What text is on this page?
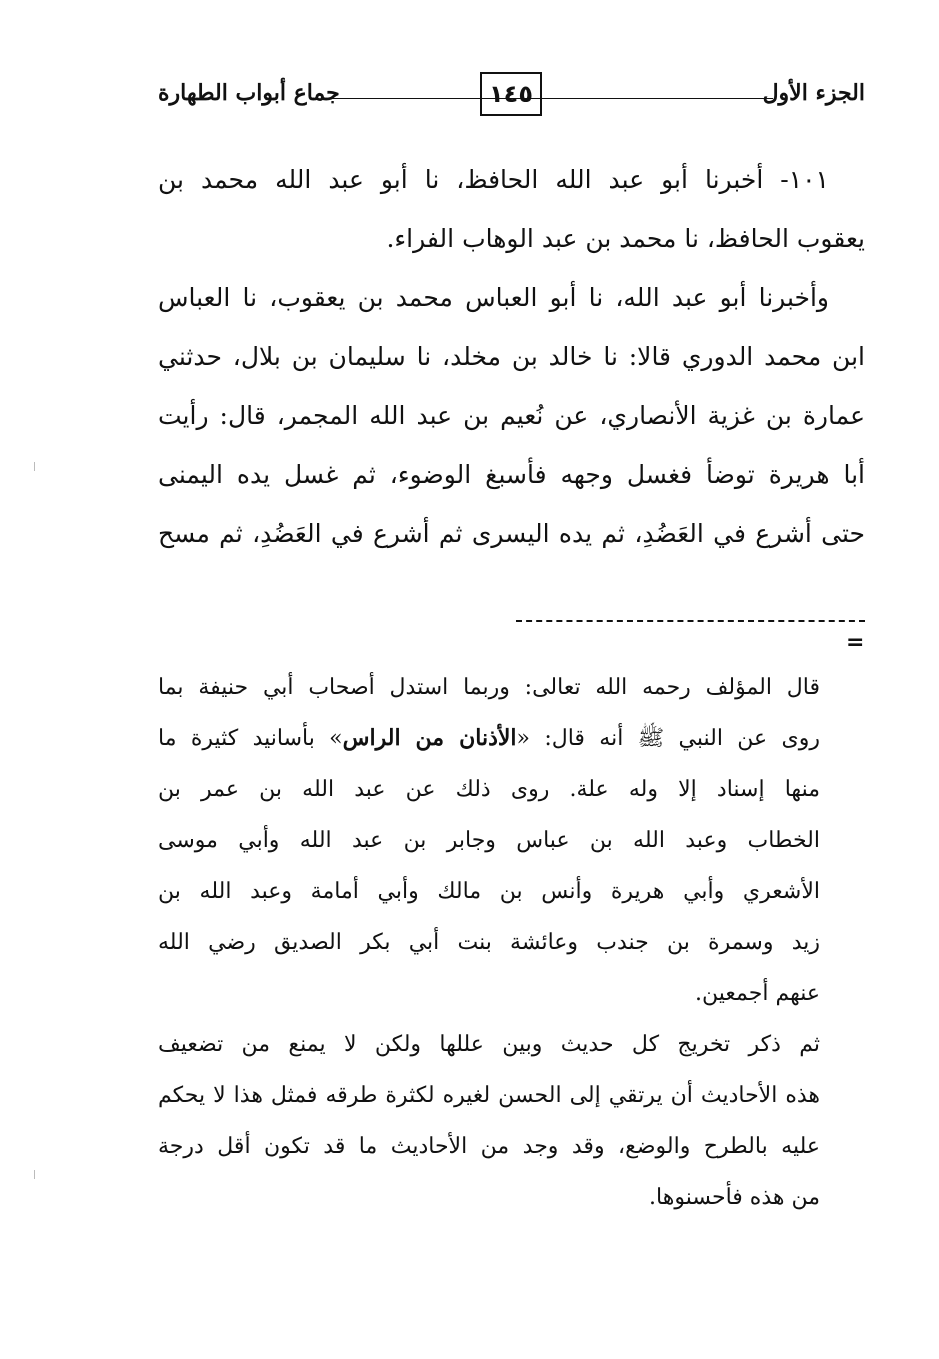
الجزء الأول
١٤٥
جماع أبواب الطهارة
١٠١- أخبرنا أبو عبد الله الحافظ، نا أبو عبد الله محمد بن
يعقوب الحافظ، نا محمد بن عبد الوهاب الفراء.
وأخبرنا أبو عبد الله، نا أبو العباس محمد بن يعقوب، نا العباس
ابن محمد الدوري قالا: نا خالد بن مخلد، نا سليمان بن بلال، حدثني
عمارة بن غزية الأنصاري، عن نُعيم بن عبد الله المجمر، قال: رأيت
أبا هريرة توضأ فغسل وجهه فأسبغ الوضوء، ثم غسل يده اليمنى
حتى أشرع في العَضُدِ، ثم يده اليسرى ثم أشرع في العَضُدِ، ثم مسح
=
قال المؤلف رحمه الله تعالى: وربما استدل أصحاب أبي حنيفة بما
روى عن النبي ﷺ أنه قال: «الأذنان من الراس» بأسانيد كثيرة ما
منها إسناد إلا وله علة. روى ذلك عن عبد الله بن عمر بن
الخطاب وعبد الله بن عباس وجابر بن عبد الله وأبي موسى
الأشعري وأبي هريرة وأنس بن مالك وأبي أمامة وعبد الله بن
زيد وسمرة بن جندب وعائشة بنت أبي بكر الصديق رضي الله
عنهم أجمعين.
ثم ذكر تخريج كل حديث وبين عللها ولكن لا يمنع من تضعيف
هذه الأحاديث أن يرتقي إلى الحسن لغيره لكثرة طرقه فمثل هذا لا يحكم
عليه بالطرح والوضع، وقد وجد من الأحاديث ما قد تكون أقل درجة
من هذه فأحسنوها.
